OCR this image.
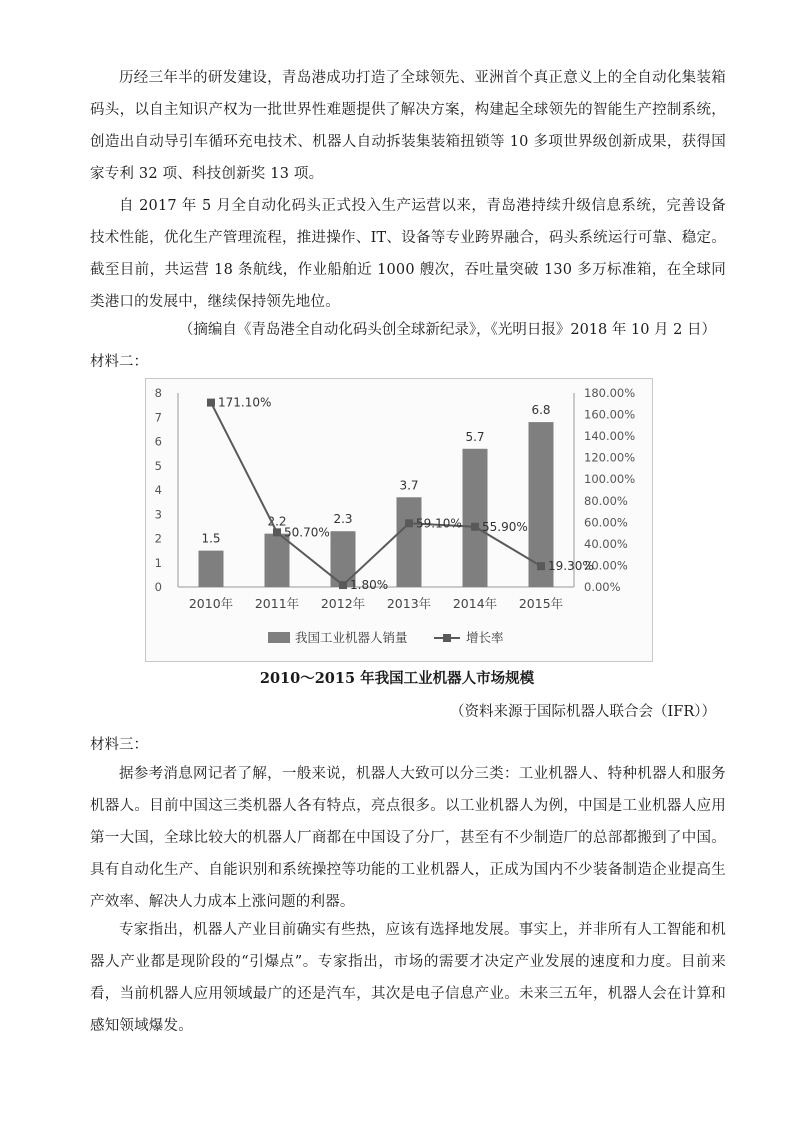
历经三年半的研发建设，青岛港成功打造了全球领先、亚洲首个真正意义上的全自动化集装箱码头，以自主知识产权为一批世界性难题提供了解决方案，构建起全球领先的智能生产控制系统，创造出自动导引车循环充电技术、机器人自动拆装集装箱扭锁等 10 多项世界级创新成果，获得国家专利 32 项、科技创新奖 13 项。

自 2017 年 5 月全自动化码头正式投入生产运营以来，青岛港持续升级信息系统，完善设备技术性能，优化生产管理流程，推进操作、IT、设备等专业跨界融合，码头系统运行可靠、稳定。截至目前，共运营 18 条航线，作业船舶近 1000 艘次，吞吐量突破 130 多万标准箱，在全球同类港口的发展中，继续保持领先地位。

（摘编自《青岛港全自动化码头创全球新纪录》，《光明日报》2018 年 10 月 2 日）

材料二：

0
1
2
3
4
5
6
7
8
0.00%
20.00%
40.00%
60.00%
80.00%
100.00%
120.00%
140.00%
160.00%
180.00%
1.5
2.2	2.3
3.7
5.7
6.8
2010年 2011年 2012年 2013年 2014年 2015年
171.10%
50.70%
1.80%
59.10% 55.90%
19.30%
我国工业机器人销量	增长率

2010～2015 年我国工业机器人市场规模

（资料来源于国际机器人联合会（IFR））

材料三：

据参考消息网记者了解，一般来说，机器人大致可以分三类：工业机器人、特种机器人和服务机器人。目前中国这三类机器人各有特点，亮点很多。以工业机器人为例，中国是工业机器人应用第一大国，全球比较大的机器人厂商都在中国设了分厂，甚至有不少制造厂的总部都搬到了中国。具有自动化生产、自能识别和系统操控等功能的工业机器人，正成为国内不少装备制造企业提高生产效率、解决人力成本上涨问题的利器。

专家指出，机器人产业目前确实有些热，应该有选择地发展。事实上，并非所有人工智能和机器人产业都是现阶段的“引爆点”。专家指出，市场的需要才决定产业发展的速度和力度。目前来看，当前机器人应用领域最广的还是汽车，其次是电子信息产业。未来三五年，机器人会在计算和感知领域爆发。
